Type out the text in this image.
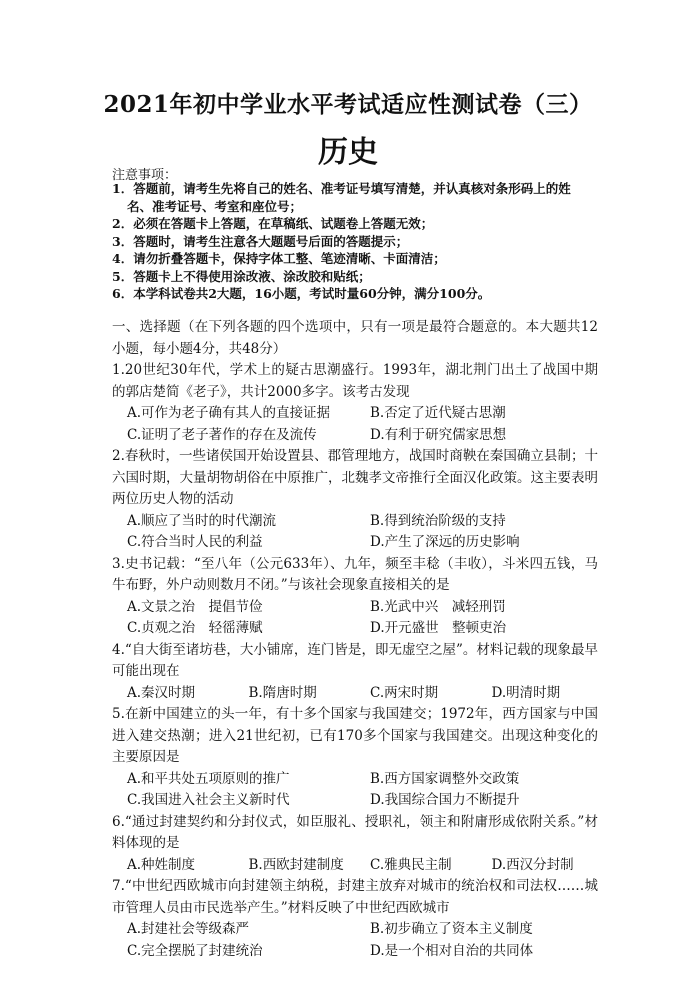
2021年初中学业水平考试适应性测试卷（三）
历史
注意事项：
1．答题前，请考生先将自己的姓名、准考证号填写清楚，并认真核对条形码上的姓
名、准考证号、考室和座位号；
2．必须在答题卡上答题，在草稿纸、试题卷上答题无效；
3．答题时，请考生注意各大题题号后面的答题提示；
4．请勿折叠答题卡，保持字体工整、笔迹清晰、卡面清洁；
5．答题卡上不得使用涂改液、涂改胶和贴纸；
6．本学科试卷共2大题，16小题，考试时量60分钟，满分100分。
一、选择题（在下列各题的四个选项中，只有一项是最符合题意的。本大题共12小题，每小题4分，共48分）
1.20世纪30年代，学术上的疑古思潮盛行。1993年，湖北荆门出土了战国中期的郭店楚简《老子》，共计2000多字。该考古发现
A.可作为老子确有其人的直接证据	B.否定了近代疑古思潮
C.证明了老子著作的存在及流传	D.有利于研究儒家思想
2.春秋时，一些诸侯国开始设置县、郡管理地方，战国时商鞅在秦国确立县制；十六国时期，大量胡物胡俗在中原推广，北魏孝文帝推行全面汉化政策。这主要表明两位历史人物的活动
A.顺应了当时的时代潮流	B.得到统治阶级的支持
C.符合当时人民的利益	D.产生了深远的历史影响
3.史书记载：“至八年（公元633年）、九年，频至丰稔（丰收），斗米四五钱，马牛布野，外户动则数月不闭。”与该社会现象直接相关的是
A.文景之治　提倡节俭	B.光武中兴　减轻刑罚
C.贞观之治　轻徭薄赋	D.开元盛世　整顿吏治
4.“自大街至诸坊巷，大小铺席，连门皆是，即无虚空之屋”。材料记载的现象最早可能出现在
A.秦汉时期	B.隋唐时期	C.两宋时期	D.明清时期
5.在新中国建立的头一年，有十多个国家与我国建交；1972年，西方国家与中国进入建交热潮；进入21世纪初，已有170多个国家与我国建交。出现这种变化的主要原因是
A.和平共处五项原则的推广	B.西方国家调整外交政策
C.我国进入社会主义新时代	D.我国综合国力不断提升
6.“通过封建契约和分封仪式，如臣服礼、授职礼，领主和附庸形成依附关系。”材料体现的是
A.种姓制度	B.西欧封建制度	C.雅典民主制	D.西汉分封制
7.“中世纪西欧城市向封建领主纳税，封建主放弃对城市的统治权和司法权……城市管理人员由市民选举产生。”材料反映了中世纪西欧城市
A.封建社会等级森严	B.初步确立了资本主义制度
C.完全摆脱了封建统治	D.是一个相对自治的共同体
